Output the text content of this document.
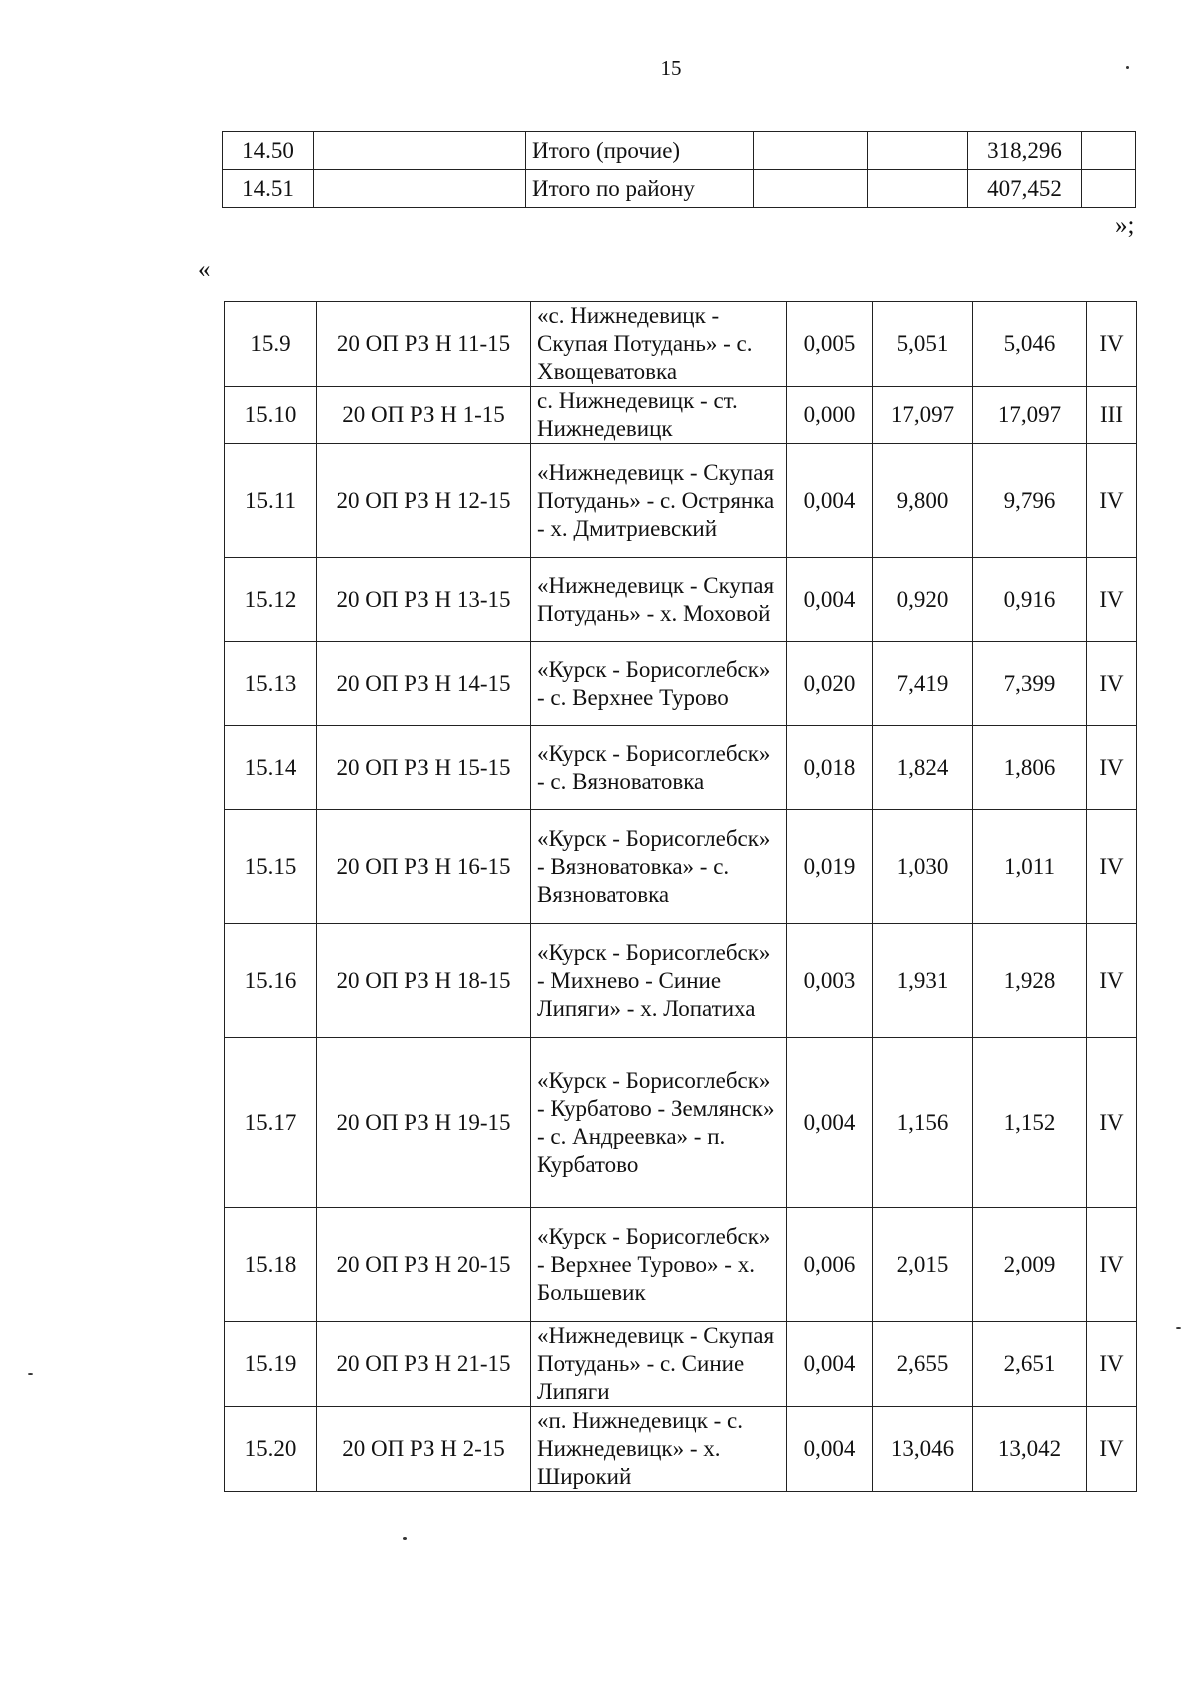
15
14.50		Итого (прочие)			318,296	
14.51		Итого по району			407,452	
»;
«
15.9	20 ОП РЗ Н 11-15	«с. Нижнедевицк - Скупая Потудань» - с. Хвощеватовка	0,005	5,051	5,046	IV
15.10	20 ОП РЗ Н 1-15	с. Нижнедевицк - ст. Нижнедевицк	0,000	17,097	17,097	III
15.11	20 ОП РЗ Н 12-15	«Нижнедевицк - Скупая Потудань» - с. Острянка - х. Дмитриевский	0,004	9,800	9,796	IV
15.12	20 ОП РЗ Н 13-15	«Нижнедевицк - Скупая Потудань» - х. Моховой	0,004	0,920	0,916	IV
15.13	20 ОП РЗ Н 14-15	«Курск - Борисоглебск» - с. Верхнее Турово	0,020	7,419	7,399	IV
15.14	20 ОП РЗ Н 15-15	«Курск - Борисоглебск» - с. Вязноватовка	0,018	1,824	1,806	IV
15.15	20 ОП РЗ Н 16-15	«Курск - Борисоглебск» - Вязноватовка» - с. Вязноватовка	0,019	1,030	1,011	IV
15.16	20 ОП РЗ Н 18-15	«Курск - Борисоглебск» - Михнево - Синие Липяги» - х. Лопатиха	0,003	1,931	1,928	IV
15.17	20 ОП РЗ Н 19-15	«Курск - Борисоглебск» - Курбатово - Землянск» - с. Андреевка» - п. Курбатово	0,004	1,156	1,152	IV
15.18	20 ОП РЗ Н 20-15	«Курск - Борисоглебск» - Верхнее Турово» - х. Большевик	0,006	2,015	2,009	IV
15.19	20 ОП РЗ Н 21-15	«Нижнедевицк - Скупая Потудань» - с. Синие Липяги	0,004	2,655	2,651	IV
15.20	20 ОП РЗ Н 2-15	«п. Нижнедевицк - с. Нижнедевицк» - х. Широкий	0,004	13,046	13,042	IV
